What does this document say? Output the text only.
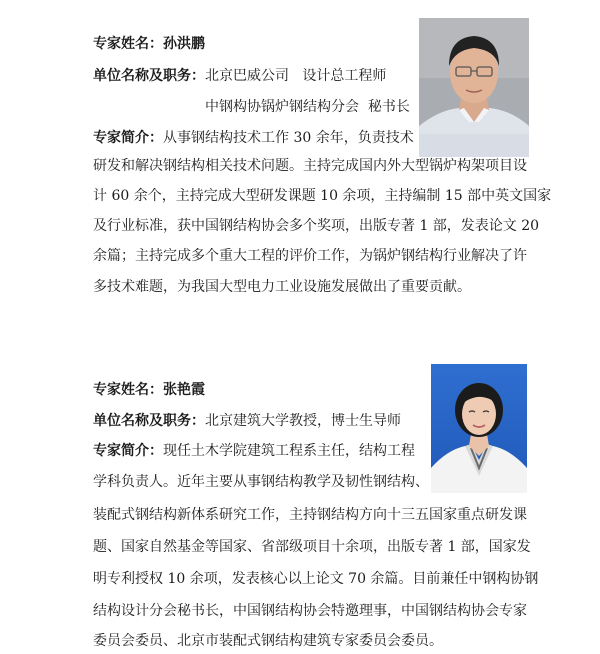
专家姓名：孙洪鹏
单位名称及职务：北京巴威公司   设计总工程师
中钢构协锅炉钢结构分会  秘书长
专家简介：从事钢结构技术工作 30 余年，负责技术
研发和解决钢结构相关技术问题。主持完成国内外大型锅炉构架项目设
计 60 余个，主持完成大型研发课题 10 余项，主持编制 15 部中英文国家
及行业标准，获中国钢结构协会多个奖项，出版专著 1 部，发表论文 20
余篇；主持完成多个重大工程的评价工作，为锅炉钢结构行业解决了许
多技术难题，为我国大型电力工业设施发展做出了重要贡献。
专家姓名：张艳霞
单位名称及职务：北京建筑大学教授，博士生导师
专家简介：现任土木学院建筑工程系主任，结构工程
学科负责人。近年主要从事钢结构教学及韧性钢结构、
装配式钢结构新体系研究工作，主持钢结构方向十三五国家重点研发课
题、国家自然基金等国家、省部级项目十余项，出版专著 1 部，国家发
明专利授权 10 余项，发表核心以上论文 70 余篇。目前兼任中钢构协钢
结构设计分会秘书长，中国钢结构协会特邀理事，中国钢结构协会专家
委员会委员、北京市装配式钢结构建筑专家委员会委员。
